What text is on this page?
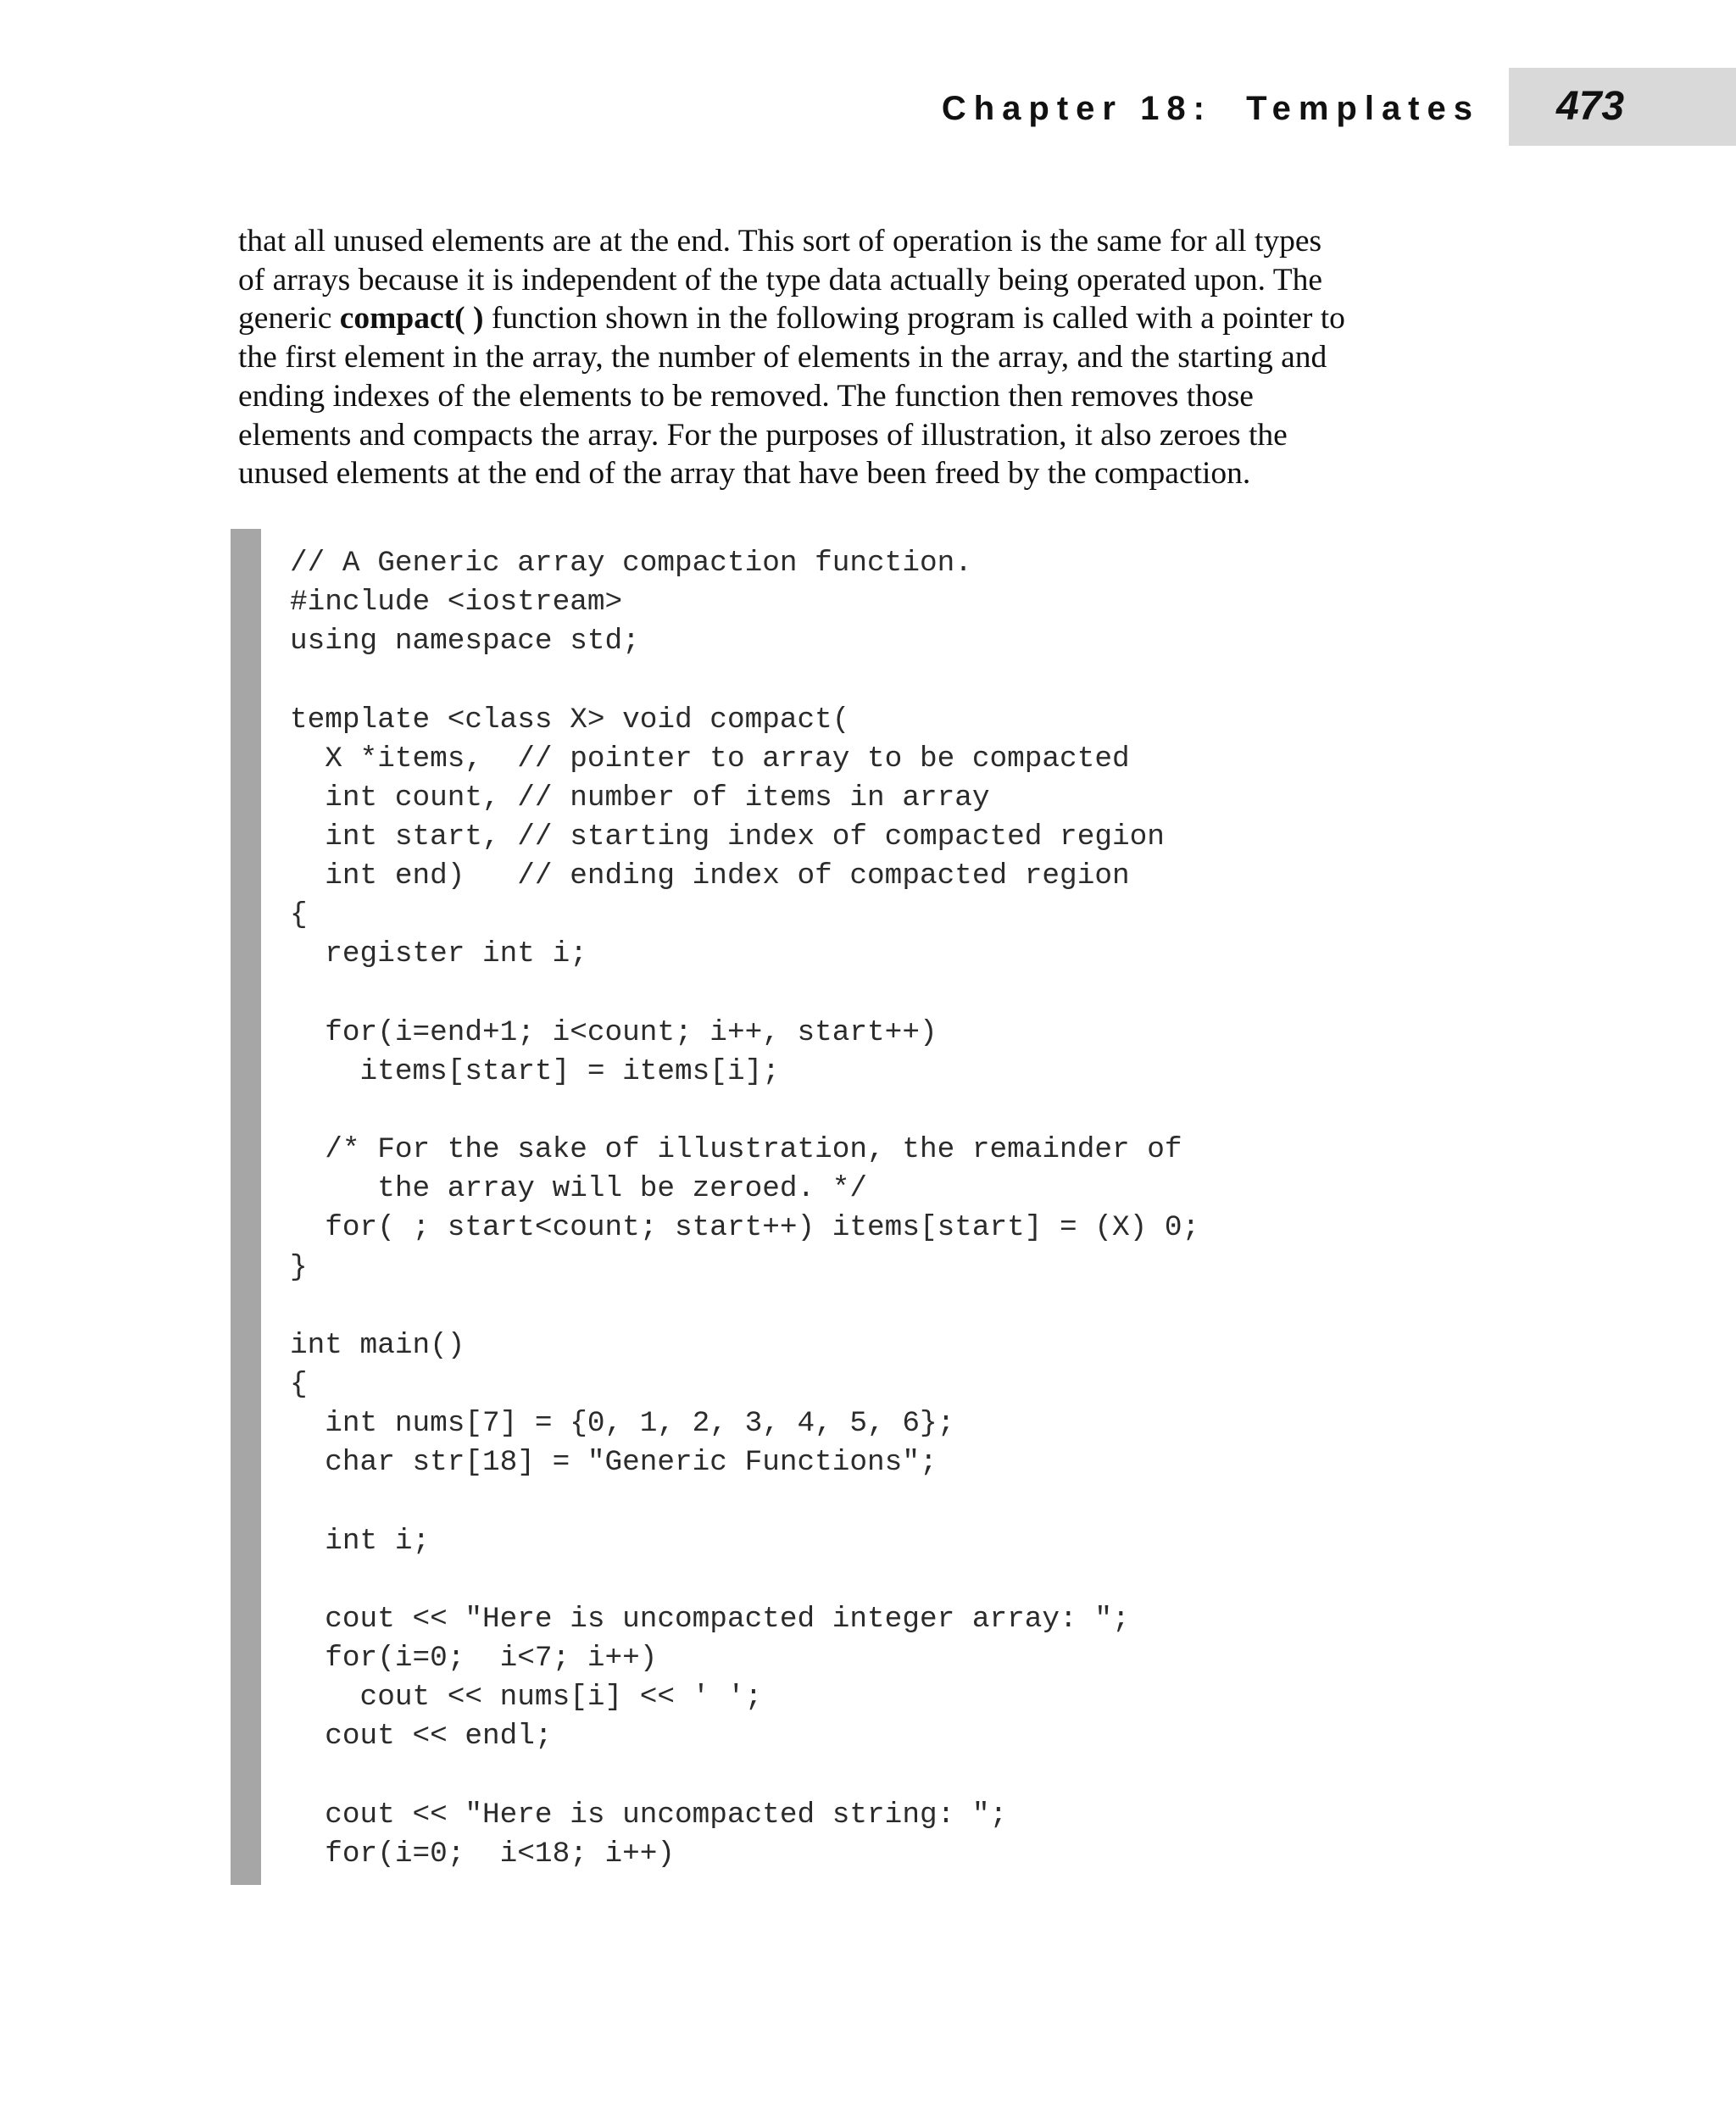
Chapter 18:  Templates 473
that all unused elements are at the end. This sort of operation is the same for all types
of arrays because it is independent of the type data actually being operated upon. The
generic compact( ) function shown in the following program is called with a pointer to
the first element in the array, the number of elements in the array, and the starting and
ending indexes of the elements to be removed. The function then removes those
elements and compacts the array. For the purposes of illustration, it also zeroes the
unused elements at the end of the array that have been freed by the compaction.
// A Generic array compaction function.
#include <iostream>
using namespace std;
template <class X> void compact(
X *items,  // pointer to array to be compacted
int count, // number of items in array
int start, // starting index of compacted region
int end)   // ending index of compacted region
{
register int i;
for(i=end+1; i<count; i++, start++)
items[start] = items[i];
/* For the sake of illustration, the remainder of
the array will be zeroed. */
for( ; start<count; start++) items[start] = (X) 0;
}
int main()
{
int nums[7] = {0, 1, 2, 3, 4, 5, 6};
char str[18] = "Generic Functions";
int i;
cout << "Here is uncompacted integer array: ";
for(i=0;  i<7; i++)
cout << nums[i] << ' ';
cout << endl;
cout << "Here is uncompacted string: ";
for(i=0;  i<18; i++)
